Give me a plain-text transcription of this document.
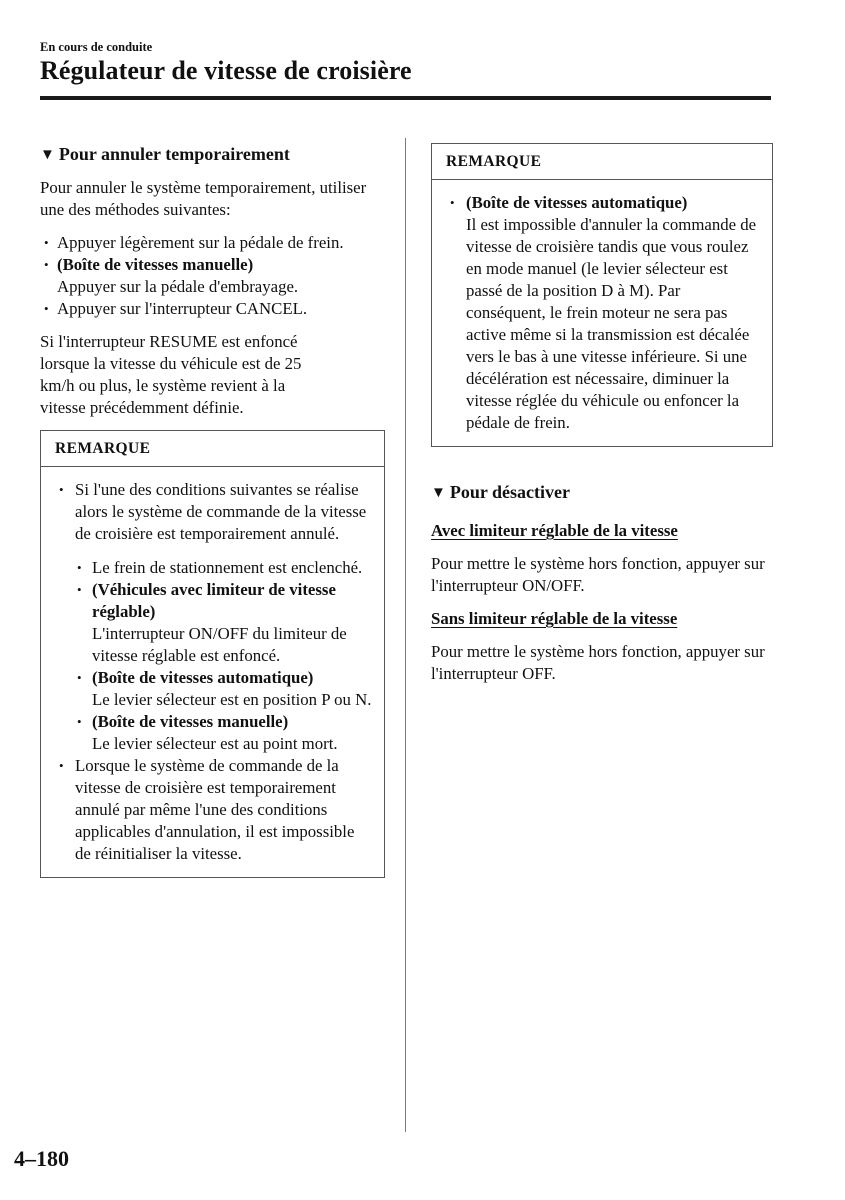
En cours de conduite
Régulateur de vitesse de croisière
▼ Pour annuler temporairement

Pour annuler le système temporairement, utiliser une des méthodes suivantes:

• Appuyer légèrement sur la pédale de frein.
• (Boîte de vitesses manuelle)
Appuyer sur la pédale d'embrayage.
• Appuyer sur l'interrupteur CANCEL.

Si l'interrupteur RESUME est enfoncé
lorsque la vitesse du véhicule est de 25
km/h ou plus, le système revient à la
vitesse précédemment définie.

REMARQUE
• Si l'une des conditions suivantes se réalise alors le système de commande de la vitesse de croisière est temporairement annulé.
• Le frein de stationnement est enclenché.
• (Véhicules avec limiteur de vitesse réglable)
L'interrupteur ON/OFF du limiteur de vitesse réglable est enfoncé.
• (Boîte de vitesses automatique)
Le levier sélecteur est en position P ou N.
• (Boîte de vitesses manuelle)
Le levier sélecteur est au point mort.
• Lorsque le système de commande de la vitesse de croisière est temporairement annulé par même l'une des conditions applicables d'annulation, il est impossible de réinitialiser la vitesse.
REMARQUE
• (Boîte de vitesses automatique)
Il est impossible d'annuler la commande de vitesse de croisière tandis que vous roulez en mode manuel (le levier sélecteur est passé de la position D à M). Par conséquent, le frein moteur ne sera pas active même si la transmission est décalée vers le bas à une vitesse inférieure. Si une décélération est nécessaire, diminuer la vitesse réglée du véhicule ou enfoncer la pédale de frein.
▼ Pour désactiver
Avec limiteur réglable de la vitesse

Pour mettre le système hors fonction, appuyer sur l'interrupteur ON/OFF.

Sans limiteur réglable de la vitesse

Pour mettre le système hors fonction, appuyer sur l'interrupteur OFF.

4–180
